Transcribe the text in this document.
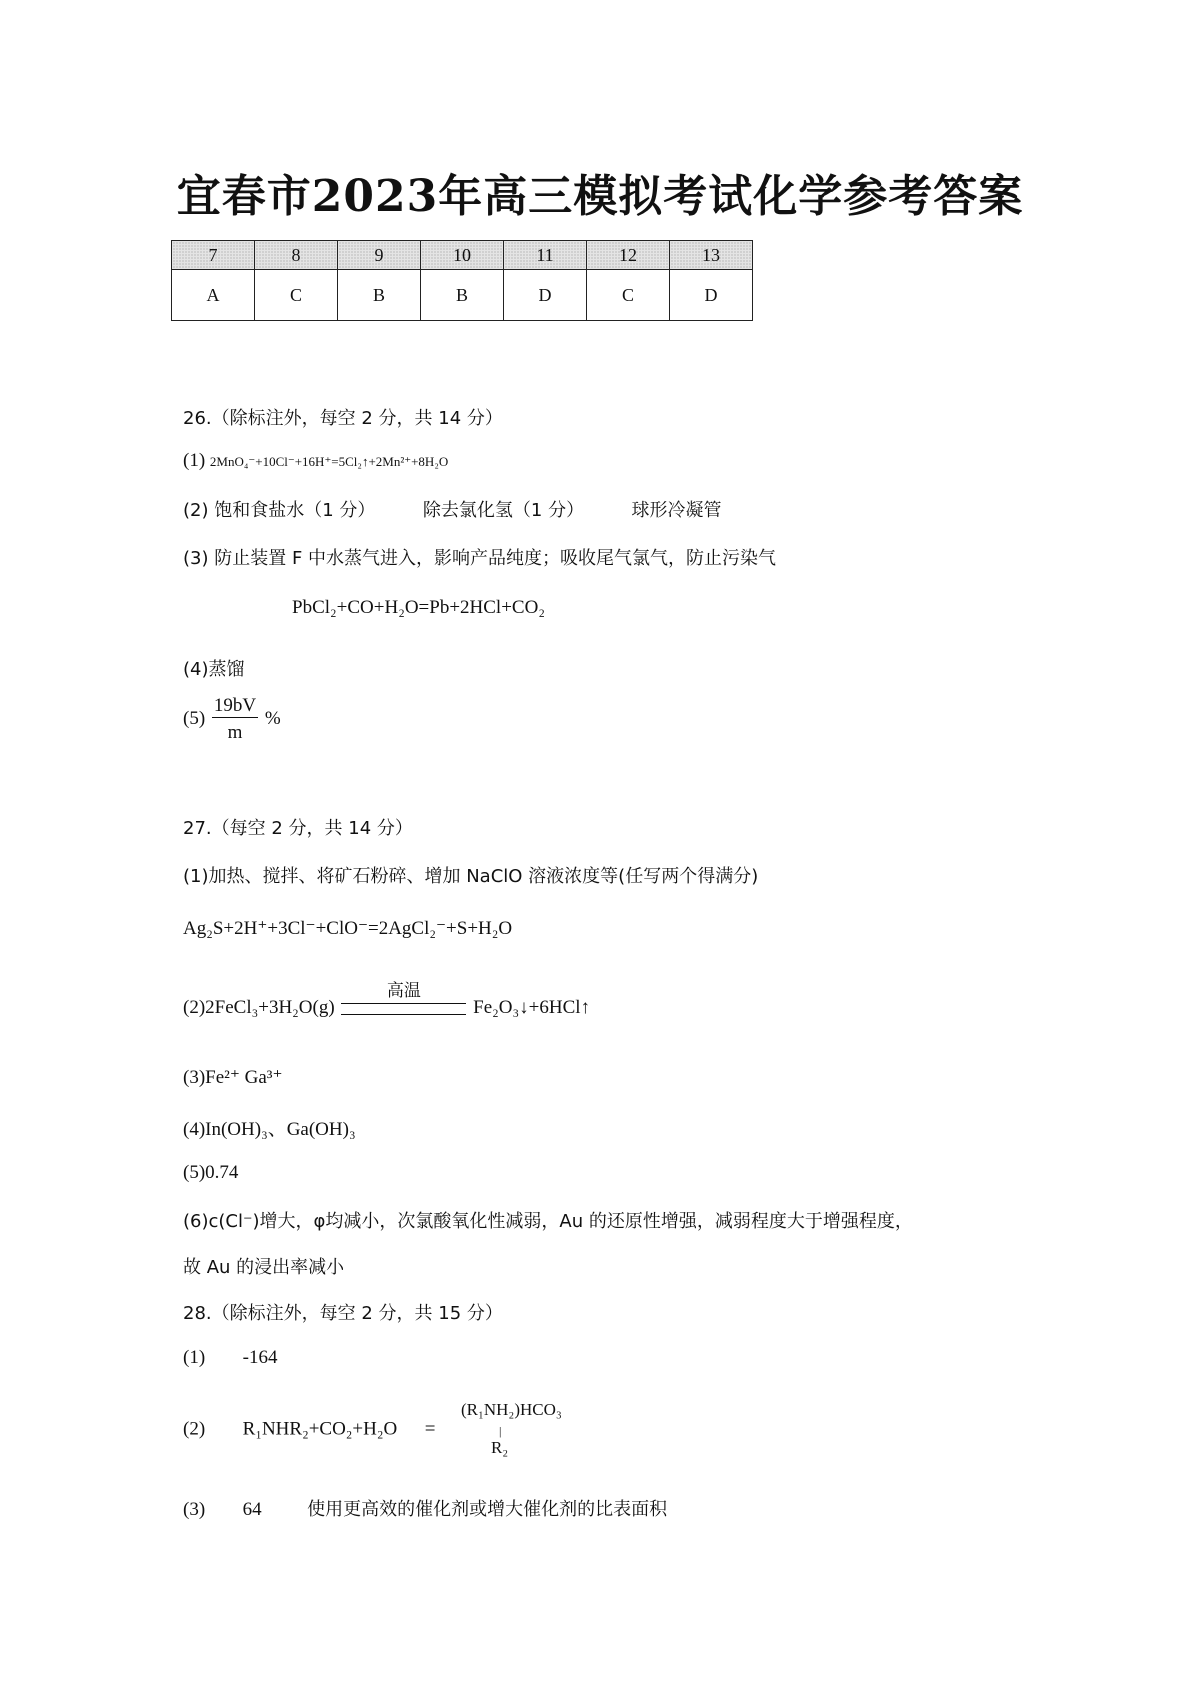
宜春市2023年高三模拟考试化学参考答案
7	8	9	10	11	12	13
A	C	B	B	D	C	D
26.（除标注外，每空 2 分，共 14 分）
(1) 2MnO₄⁻+10Cl⁻+16H⁺=5Cl₂↑+2Mn²⁺+8H₂O
(2) 饱和食盐水（1 分）	除去氯化氢（1 分）	球形冷凝管
(3) 防止装置 F 中水蒸气进入，影响产品纯度；吸收尾气氯气，防止污染气
PbCl₂+CO+H₂O=Pb+2HCl+CO₂
(4)蒸馏
$(5) \frac{19bV}{m}$ %
27.（每空 2 分，共 14 分）
(1)加热、搅拌、将矿石粉碎、增加 NaClO 溶液浓度等(任写两个得满分)
Ag₂S+2H⁺+3Cl⁻+ClO⁻=2AgCl₂⁻+S+H₂O
(2)2FeCl₃+3H₂O(g)
高温
Fe₂O₃↓+6HCl↑
(3)Fe²⁺ Ga³⁺
(4)In(OH)₃、Ga(OH)₃
(5)0.74
(6)c(Cl⁻)增大，φ均减小，次氯酸氧化性减弱，Au 的还原性增强，减弱程度大于增强程度，
故 Au 的浸出率减小
28.（除标注外，每空 2 分，共 15 分）
(1) -164
(2) R₁NHR₂+CO₂+H₂O =
(R₁NH₂)HCO₃
|
R₂
(3) 64	使用更高效的催化剂或增大催化剂的比表面积
